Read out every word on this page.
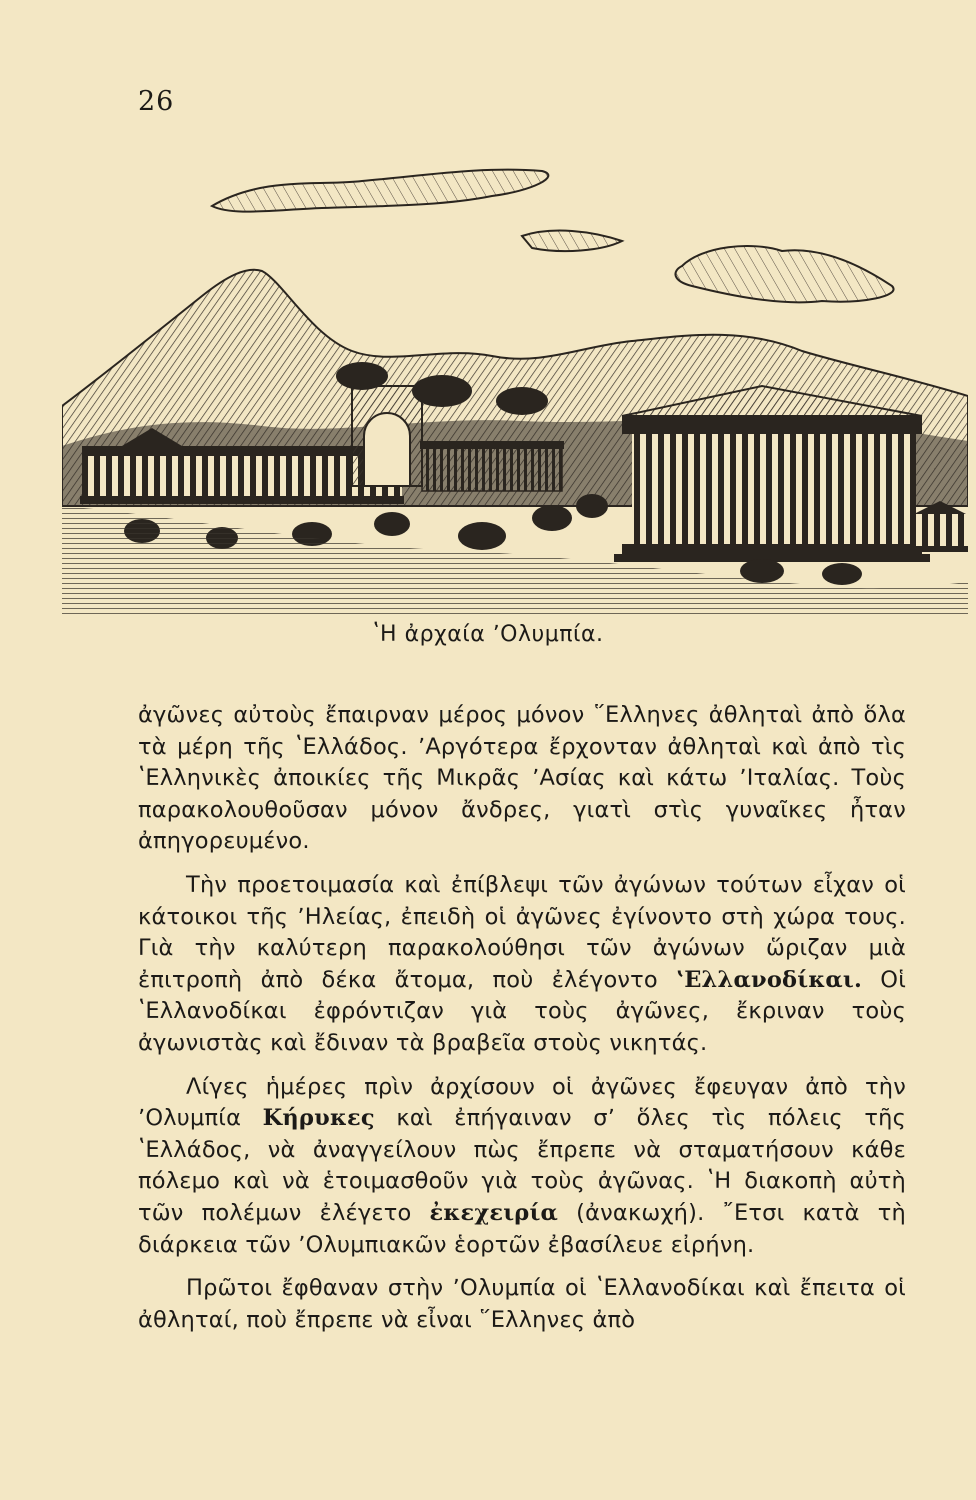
26
ʽΗ ἀρχαία ʼΟλυμπία.

ἀγῶνες αὐτοὺς ἔπαιρναν μέρος μόνον ῞Ελληνες ἀθληταὶ ἀπὸ ὅλα τὰ μέρη τῆς ʽΕλλάδος. ʼΑργότερα ἔρχονταν ἀθληταὶ καὶ ἀπὸ τὶς ʽΕλληνικὲς ἀποικίες τῆς Μικρᾶς ʼΑσίας καὶ κάτω ʼΙταλίας. Τοὺς παρακολουθοῦσαν μόνον ἄνδρες, γιατὶ στὶς γυναῖκες ἦταν ἀπηγορευμένο.

Τὴν προετοιμασία καὶ ἐπίβλεψι τῶν ἀγώνων τούτων εἶχαν οἱ κάτοικοι τῆς ʼΗλείας, ἐπειδὴ οἱ ἀγῶνες ἐγίνοντο στὴ χώρα τους. Γιὰ τὴν καλύτερη παρακολούθησι τῶν ἀγώνων ὥριζαν μιὰ ἐπιτροπὴ ἀπὸ δέκα ἄτομα, ποὺ ἐλέγοντο ʽΕλλανοδίκαι. Οἱ ʽΕλλανοδίκαι ἐφρόντιζαν γιὰ τοὺς ἀγῶνες, ἔκριναν τοὺς ἀγωνιστὰς καὶ ἔδιναν τὰ βραβεῖα στοὺς νικητάς.

Λίγες ἡμέρες πρὶν ἀρχίσουν οἱ ἀγῶνες ἔφευγαν ἀπὸ τὴν ʼΟλυμπία Κήρυκες καὶ ἐπήγαιναν σʼ ὅλες τὶς πόλεις τῆς ʽΕλλάδος, νὰ ἀναγγείλουν πὼς ἔπρεπε νὰ σταματήσουν κάθε πόλεμο καὶ νὰ ἑτοιμασθοῦν γιὰ τοὺς ἀγῶνας. ʽΗ διακοπὴ αὐτὴ τῶν πολέμων ἐλέγετο ἐκεχειρία (ἀνακωχή). ῎Ετσι κατὰ τὴ διάρκεια τῶν ʼΟλυμπιακῶν ἑορτῶν ἐβασίλευε εἰρήνη.

Πρῶτοι ἔφθαναν στὴν ʼΟλυμπία οἱ ʽΕλλανοδίκαι καὶ ἔπειτα οἱ ἀθληταί, ποὺ ἔπρεπε νὰ εἶναι ῞Ελληνες ἀπὸ
